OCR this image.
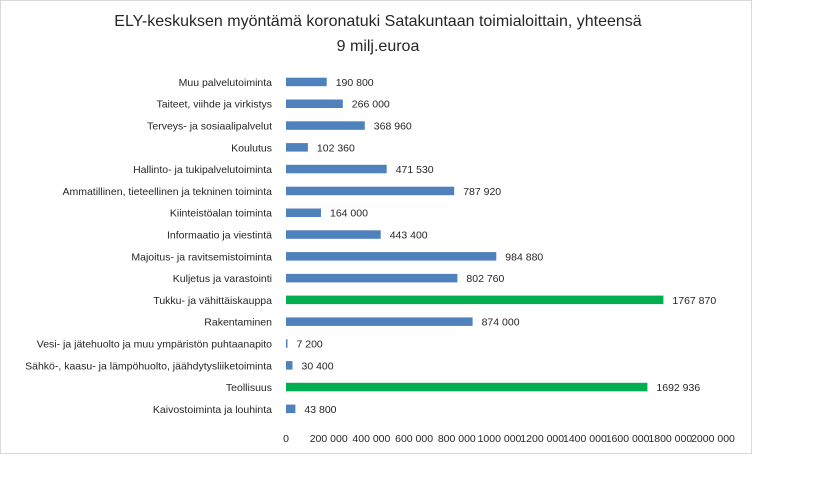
ELY-keskuksen myöntämä koronatuki Satakuntaan toimialoittain, yhteensä
9 milj.euroa
Muu palvelutoiminta
Taiteet, viihde ja virkistys
Terveys- ja sosiaalipalvelut
Koulutus
Hallinto- ja tukipalvelutoiminta
Ammatillinen, tieteellinen ja tekninen toiminta
Kiinteistöalan toiminta
Informaatio ja viestintä
Majoitus- ja ravitsemistoiminta
Kuljetus ja varastointi
Tukku- ja vähittäiskauppa
Rakentaminen
Vesi- ja jätehuolto ja muu ympäristön puhtaanapito
Sähkö-, kaasu- ja lämpöhuolto, jäähdytysliiketoiminta
Teollisuus
Kaivostoiminta ja louhinta
190 800
266 000
368 960
102 360
471 530
787 920
164 000
443 400
984 880
802 760
1767 870
874 000
7 200
30 400
1692 936
43 800
0 200 000 400 000 600 000 800 000 1000 000
1200 000
1400 000
1600 000
1800 000
2000 000
